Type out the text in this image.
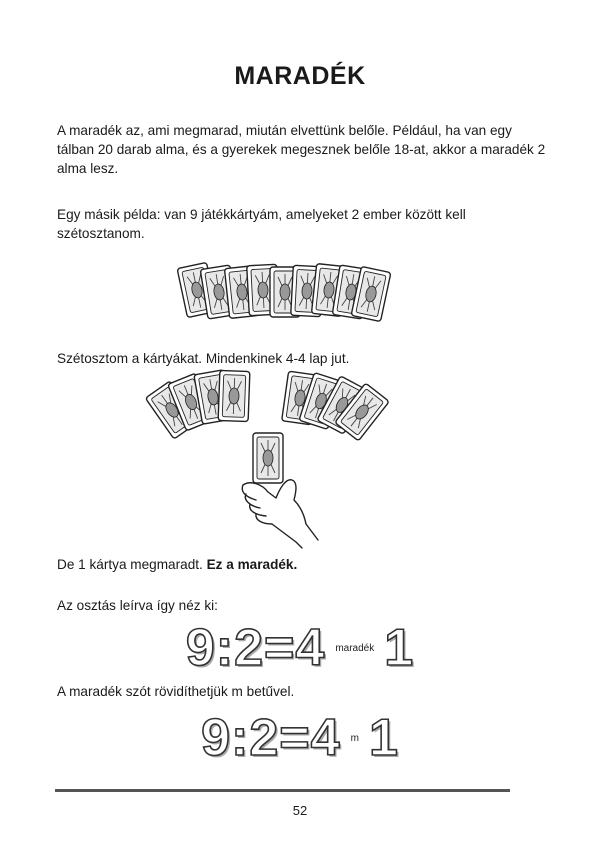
MARADÉK
A maradék az, ami megmarad, miután elvettünk belőle. Például, ha van egy tálban 20 darab alma, és a gyerekek megesznek belőle 18-at, akkor a maradék 2 alma lesz.
Egy másik példa: van 9 játékkártyám, amelyeket 2 ember között kell szétosztanom.
Szétosztom a kártyákat. Mindenkinek 4-4 lap jut.
De 1 kártya megmaradt. Ez a maradék.
Az osztás leírva így néz ki:
9:2=4 $^{maradék}$ 1
A maradék szót rövidíthetjük m betűvel.
9:2=4 $^m$ 1
52
